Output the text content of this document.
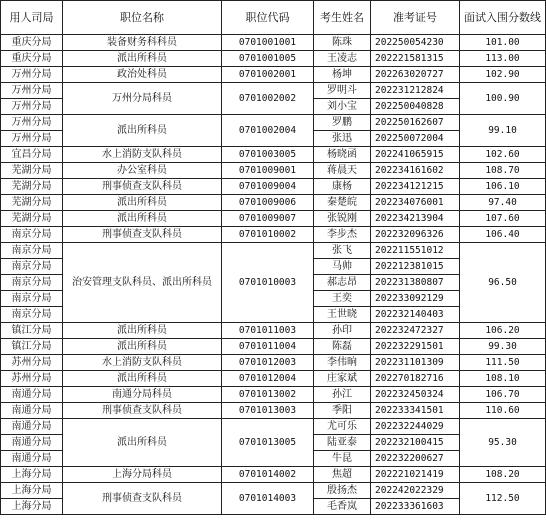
用人司局	职位名称	职位代码	考生姓名	准考证号	面试入围分数线
重庆分局	装备财务科科员	0701001001	陈珠	202250054230	101.00
重庆分局	派出所科员	0701001005	王凌志	202221581315	113.00
万州分局	政治处科员	0701002001	杨坤	202263020727	102.90
万州分局	万州分局科员	0701002002	罗明斗	202231212824	100.90
万州分局			刘小宝	202250040828	
万州分局	派出所科员	0701002004	罗鹏	202250162607	99.10
万州分局			张迅	202250072004	
宜昌分局	水上消防支队科员	0701003005	杨晓函	202241065915	102.60
芜湖分局	办公室科员	0701009001	蒋晨天	202234161602	108.70
芜湖分局	刑事侦查支队科员	0701009004	康杨	202234121215	106.10
芜湖分局	派出所科员	0701009006	秦楚皖	202234076001	97.40
芜湖分局	派出所科员	0701009007	张锐刚	202234213904	107.60
南京分局	刑事侦查支队科员	0701010002	李步杰	202232096326	106.40
南京分局	治安管理支队科员、派出所科员	0701010003	张飞	202211551012	96.50
南京分局			马帅	202212381015	
南京分局			郝志昂	202231380807	
南京分局			王奕	202233092129	
南京分局			王世晓	202232140403	
镇江分局	派出所科员	0701011003	孙印	202232472327	106.20
镇江分局	派出所科员	0701011004	陈磊	202232291501	99.30
苏州分局	水上消防支队科员	0701012003	李伟晌	202231101309	111.50
苏州分局	派出所科员	0701012004	庄家斌	202270182716	108.10
南通分局	南通分局科员	0701013002	孙江	202232450324	106.70
南通分局	刑事侦查支队科员	0701013003	季阳	202233341501	110.60
南通分局	派出所科员	0701013005	尤可乐	202232244029	95.30
南通分局			陆亚泰	202232100415	
南通分局			牛昆	202232200627	
上海分局	上海分局科员	0701014002	焦超	202221021419	108.20
上海分局	刑事侦查支队科员	0701014003	殷扬杰	202242022329	112.50
上海分局			毛香岚	202233361603	
